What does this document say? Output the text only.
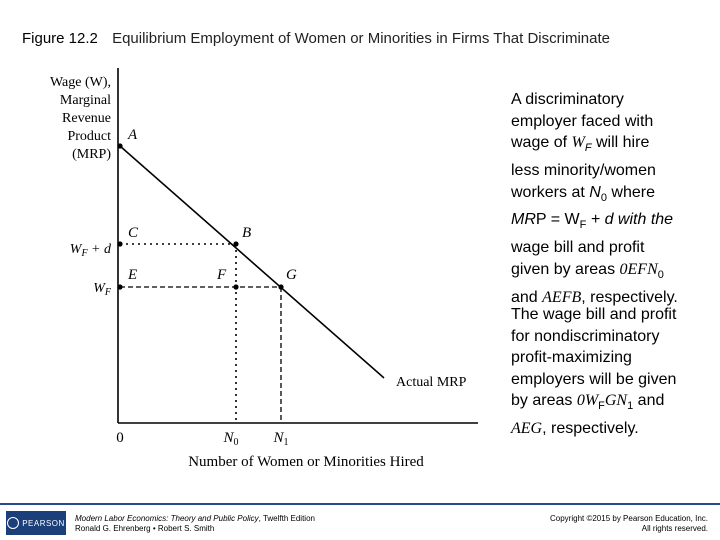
Figure 12.2 Equilibrium Employment of Women or Minorities in Firms That Discriminate
Wage (W),
Marginal
Revenue
Product
(MRP)
A
C	B
E	F	G
$W_F + d$
$W_F$
0	$N_0$ $N_1$
Number of Women or Minorities Hired
Actual MRP
A discriminatory
employer faced with
wage of $W_F$ will hire
less minority/women
workers at $N_0$ where
MRP = $W_F + d$ with the
wage bill and profit
given by areas $0EFN_0$
and AEFB, respectively.
The wage bill and profit
for nondiscriminatory
profit-maximizing
employers will be given
by areas $0W_FGN_1$ and
AEG, respectively.
PEARSON Modern Labor Economics: Theory and Public Policy, Twelfth Edition
Ronald G. Ehrenberg • Robert S. Smith
Copyright ©2015 by Pearson Education, Inc.
All rights reserved.
